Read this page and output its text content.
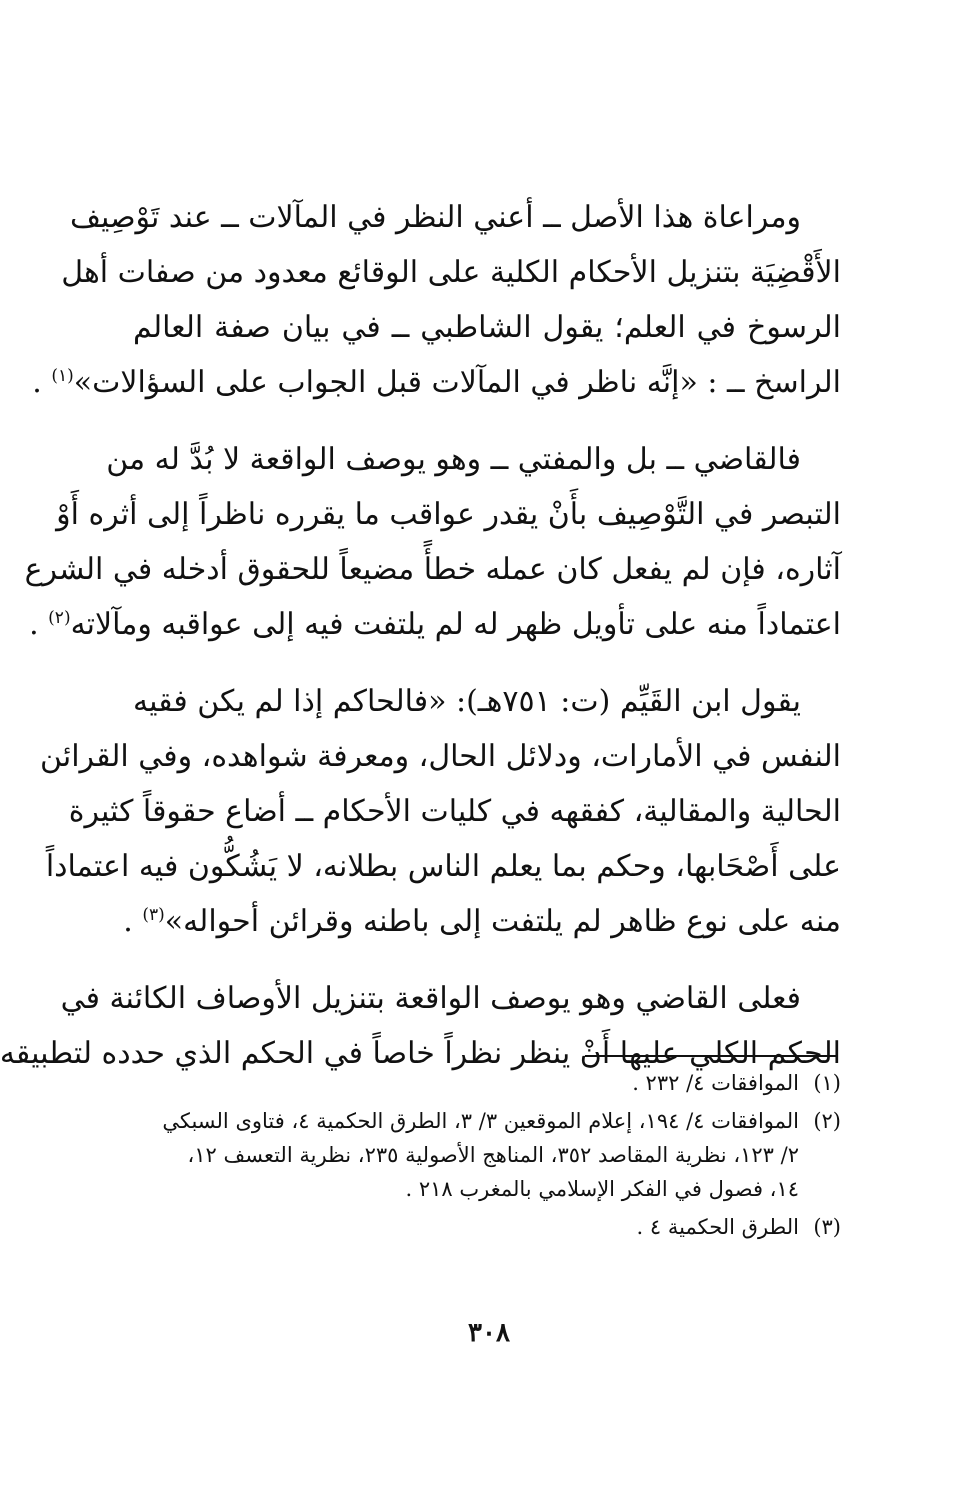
ومراعاة هذا الأصل ــ أعني النظر في المآلات ــ عند تَوْصِيف
الأَقْضِيَة بتنزيل الأحكام الكلية على الوقائع معدود من صفات أهل
الرسوخ في العلم؛ يقول الشاطبي ــ في بيان صفة العالم
الراسخ ــ : «إنَّه ناظر في المآلات قبل الجواب على السؤالات»$^{(١)}$ .

فالقاضي ــ بل والمفتي ــ وهو يوصف الواقعة لا بُدَّ له من
التبصر في التَّوْصِيف بأَنْ يقدر عواقب ما يقرره ناظراً إلى أثره أَوْ
آثاره، فإن لم يفعل كان عمله خطأً مضيعاً للحقوق أدخله في الشرع
اعتماداً منه على تأويل ظهر له لم يلتفت فيه إلى عواقبه ومآلاته$^{(٢)}$ .

يقول ابن القَيِّم (ت: ٧٥١هـ): «فالحاكم إذا لم يكن فقيه
النفس في الأمارات، ودلائل الحال، ومعرفة شواهده، وفي القرائن
الحالية والمقالية، كفقهه في كليات الأحكام ــ أضاع حقوقاً كثيرة
على أَصْحَابها، وحكم بما يعلم الناس بطلانه، لا يَشُكُّون فيه اعتماداً
منه على نوع ظاهر لم يلتفت إلى باطنه وقرائن أحواله»$^{(٣)}$ .

فعلى القاضي وهو يوصف الواقعة بتنزيل الأوصاف الكائنة في
الحكم الكلي عليها أَنْ ينظر نظراً خاصاً في الحكم الذي حدده لتطبيقه

(١)الموافقات ٤/ ٢٣٢ .
(٢)الموافقات ٤/ ١٩٤، إعلام الموقعين ٣/ ٣، الطرق الحكمية ٤، فتاوى السبكي
٢/ ١٢٣، نظرية المقاصد ٣٥٢، المناهج الأصولية ٢٣٥، نظرية التعسف ١٢،
١٤، فصول في الفكر الإسلامي بالمغرب ٢١٨ .
(٣)الطرق الحكمية ٤ .
٣٠٨
